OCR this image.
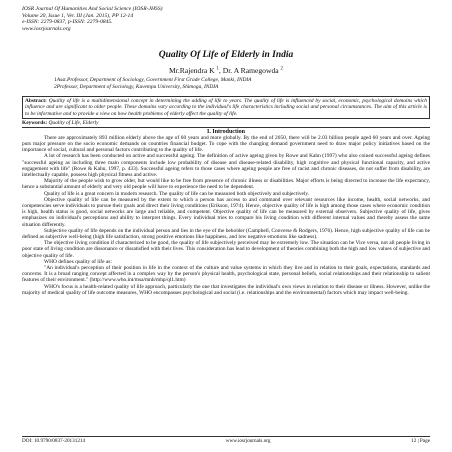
IOSR Journal Of Humanities And Social Science (IOSR-JHSS)
Volume 20, Issue 1, Ver. III (Jan. 2015), PP 12-14
e-ISSN: 2279-0837, p-ISSN: 2279-0845.
www.iosrjournals.org
Quality Of Life of Elderly in India
Mr.Rajendra K $^1$, Dr. A Ramegowda $^2$
1Asst.Professor, Department of Sociology, Government First Grade College, Manki, INDIA
2Professor, Department of Sociology, Kuvempu University, Shimoga, INDIA
Abstract: Quality of life is a multidimensional concept in determining the adding of life to years. The quality of life is influenced by social, economic, psychological domains which influence and are significant to older people. These domains vary according to the individual's life characteristics including social and personal circumstances. The aim of this article is to be informative and to provide a view on how health problems of elderly affect the quality of life.
Keywords: Quality of Life, Elderly
I. Introduction

There are approximately 893 million elderly above the age of 60 years and more globally. By the end of 2050, there will be 2.03 billion people aged 60 years and over. Ageing puts major pressure on the socio economic demands on countries financial budget. To cope with the changing demand government need to draw major policy initiatives based on the importance of social, cultural and personal factors contributing to the quality of life.

A lot of research has been conducted on active and successful ageing. The definition of active ageing given by Rowe and Kahn (1997) who also coined successful ageing defines "successful ageing as including three main components include low probability of disease and disease-related disability, high cognitive and physical functional capacity, and active engagement with life" (Rowe & Kahn, 1997, p. 433). Successful ageing refers to those cases where ageing people are free of racist and chronic diseases, do not suffer from disability, are intellectually capable, possess high physical fitness and active.

Majority of the people wish to grow older, but would like to be free from presence of chronic illness or disabilities. Major efforts is being directed to increase the life expectancy, hence a substantial amount of elderly and very old people will have to experience the need to be dependent.

Quality of life is a great concern in modern research. The quality of life can be measured both objectively and subjectively.

Objective quality of life can be measured by the extent to which a person has access to and command over relevant resources like income, health, social networks, and competencies serve individuals to pursue their goals and direct their living conditions (Erikson, 1974). Hence, objective quality of life is high among those cases where economic condition is high, health status is good, social networks are large and reliable, and competent. Objective quality of life can be measured by external observers. Subjective quality of life, gives emphasizes on individual's perceptions and ability to interpret things. Every individual tries to compare his living condition with different internal values and thereby assess the same situation differently.

Subjective quality of life depends on the individual person and lies in the eye of the beholder (Campbell, Converse & Rodgers, 1976). Hence, high subjective quality of life can be defined as subjective well-being (high life satisfaction, strong positive emotions like happiness, and low negative emotions like sadness).

The objective living condition if characterized to be good, the quality of life subjectively perceived may be extremely low. The situation can be Vice versa, not all people living in poor state of living condition are dissonance or dissatisfied with their lives. This consideration has lead to development of theories combining both the high and low values of subjective and objective quality of life.

WHO defines quality of life as:

"An individual's perception of their position in life in the context of the culture and value systems in which they live and in relation to their goals, expectations, standards and concerns. It is a broad ranging concept affected in a complex way by the person's physical health, psychological state, personal beliefs, social relationships and their relationship to salient features of their environment." (http://www.who.int/msa/mnh/mhp/ql1.htm)

WHO's focus is a health-related quality of life approach, particularly the one that investigates the individual's own views in relation to their disease or illness. However, unlike the majority of medical quality of life outcome measures, WHO encompasses psychological and social (i.e. relationships and the environmental) factors which may impact well-being.

DOI: 10.9790/0837-20131214	www.iosrjournals.org	12 | Page
